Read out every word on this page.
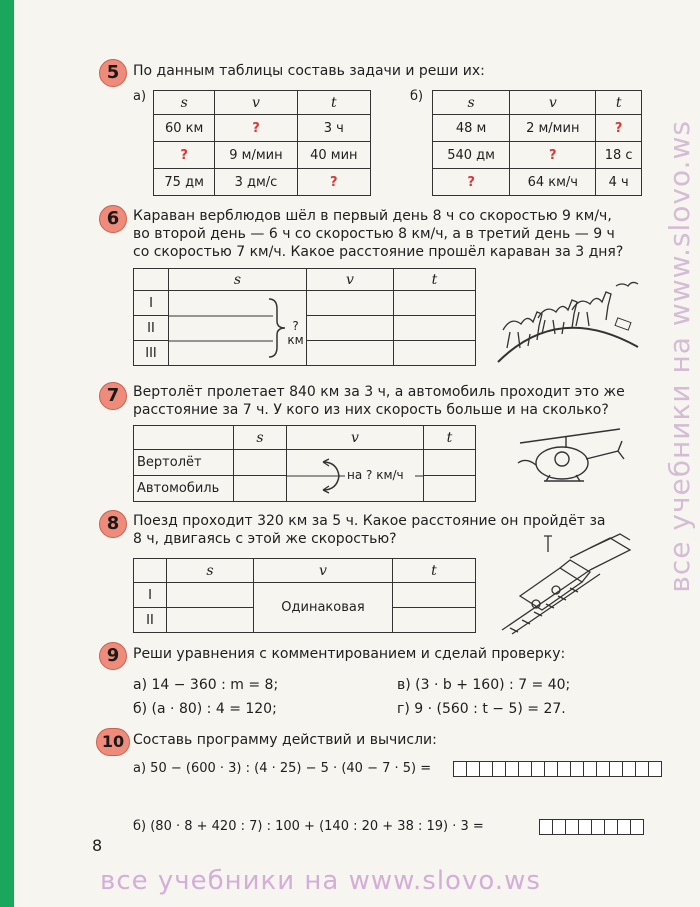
5 По данным таблицы составь задачи и реши их:
а)	б)
s	v	t
60 км	?	3 ч
?	9 м/мин	40 мин
75 дм	3 дм/с	?
s	v	t
48 м	2 м/мин	?
540 дм	?	18 с
?	64 км/ч	4 ч
6 Караван верблюдов шёл в первый день 8 ч со скоростью 9 км/ч,
во второй день — 6 ч со скоростью 8 км/ч, а в третий день — 9 ч
со скоростью 7 км/ч. Какое расстояние прошёл караван за 3 дня?
	s	v	t
I	? км		

II			
III			
7 Вертолёт пролетает 840 км за 3 ч, а автомобиль проходит это же
расстояние за 7 ч. У кого из них скорость больше и на сколько?
	s	v	t
Вертолёт		на ? км/ч	

Автомобиль			
8 Поезд проходит 320 км за 5 ч. Какое расстояние он пройдёт за
8 ч, двигаясь с этой же скоростью?
	s	v	t
I		Одинаковая	
II			
9 Реши уравнения с комментированием и сделай проверку:
а) 14 − 360 : m = 8;
б) (a · 80) : 4 = 120;
в) (3 · b + 160) : 7 = 40;
г) 9 · (560 : t − 5) = 27.
10 Составь программу действий и вычисли:
а) 50 − (600 · 3) : (4 · 25) − 5 · (40 − 7 · 5) =
б) (80 · 8 + 420 : 7) : 100 + (140 : 20 + 38 : 19) · 3 =
8
все учебники на www.slovo.ws
все учебники на www.slovo.ws
